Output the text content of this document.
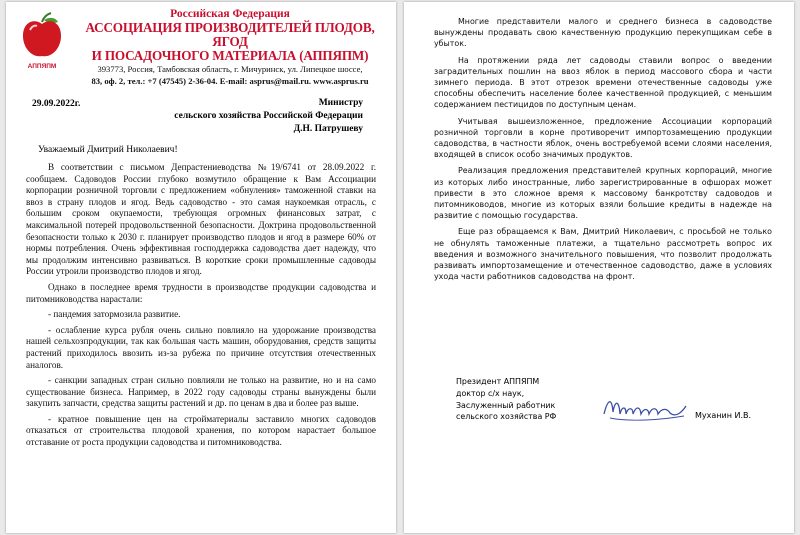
АППЯПМ
Российская Федерация
АССОЦИАЦИЯ ПРОИЗВОДИТЕЛЕЙ ПЛОДОВ, ЯГОД
И ПОСАДОЧНОГО МАТЕРИАЛА (АППЯПМ)
393773, Россия, Тамбовская область, г. Мичуринск, ул. Липецкое шоссе,
83, оф. 2, тел.: +7 (47545) 2-36-04. E-mail: asprus@mail.ru. www.asprus.ru
29.09.2022г.	Министру
сельского хозяйства Российской Федерации
Д.Н. Патрушеву
Уважаемый Дмитрий Николаевич!

В соответствии с письмом Депрастениеводства №19/6741 от 28.09.2022 г. сообщаем. Садоводов России глубоко возмутило обращение к Вам Ассоциации корпорации розничной торговли с предложением «обнуления» таможенной ставки на ввоз в страну плодов и ягод. Ведь садоводство - это самая наукоемкая отрасль, с большим сроком окупаемости, требующая огромных финансовых затрат, с максимальной потерей продовольственной безопасности. Доктрина продовольственной безопасности только к 2030 г. планирует производство плодов и ягод в размере 60% от нормы потребления. Очень эффективная господдержка садоводства дает надежду, что мы продолжим интенсивно развиваться. В короткие сроки промышленные садоводы России утроили производство плодов и ягод.

Однако в последнее время трудности в производстве продукции садоводства и питомниководства нарастали:

- пандемия затормозила развитие.

- ослабление курса рубля очень сильно повлияло на удорожание производства нашей сельхозпродукции, так как большая часть машин, оборудования, средств защиты растений приходилось ввозить из-за рубежа по причине отсутствия отечественных аналогов.

- санкции западных стран сильно повлияли не только на развитие, но и на само существование бизнеса. Например, в 2022 году садоводы страны вынуждены были закупить запчасти, средства защиты растений и др. по ценам в два и более раз выше.

- кратное повышение цен на стройматериалы заставило многих садоводов отказаться от строительства плодовой хранения, по котором нарастает большое отставание от роста продукции садоводства и питомниководства.

Многие представители малого и среднего бизнеса в садоводстве вынуждены продавать свою качественную продукцию перекупщикам себе в убыток.

На протяжении ряда лет садоводы ставили вопрос о введении заградительных пошлин на ввоз яблок в период массового сбора и части зимнего периода. В этот отрезок времени отечественные садоводы уже способны обеспечить население более качественной продукцией, с меньшим содержанием пестицидов по доступным ценам.

Учитывая вышеизложенное, предложение Ассоциации корпораций розничной торговли в корне противоречит импортозамещению продукции садоводства, в частности яблок, очень востребуемой всеми слоями населения, входящей в список особо значимых продуктов.

Реализация предложения представителей крупных корпораций, многие из которых либо иностранные, либо зарегистрированные в офшорах может привести в это сложное время к массовому банкротству садоводов и питомниководов, многие из которых взяли большие кредиты в надежде на развитие с помощью государства.

Еще раз обращаемся к Вам, Дмитрий Николаевич, с просьбой не только не обнулять таможенные платежи, а тщательно рассмотреть вопрос их введения и возможного значительного повышения, что позволит продолжать развивать импортозамещение и отечественное садоводство, даже в условиях ухода части работников садоводства на фронт.

Президент АППЯПМ
доктор с/х наук,
Заслуженный работник
сельского хозяйства РФ	Муханин И.В.
